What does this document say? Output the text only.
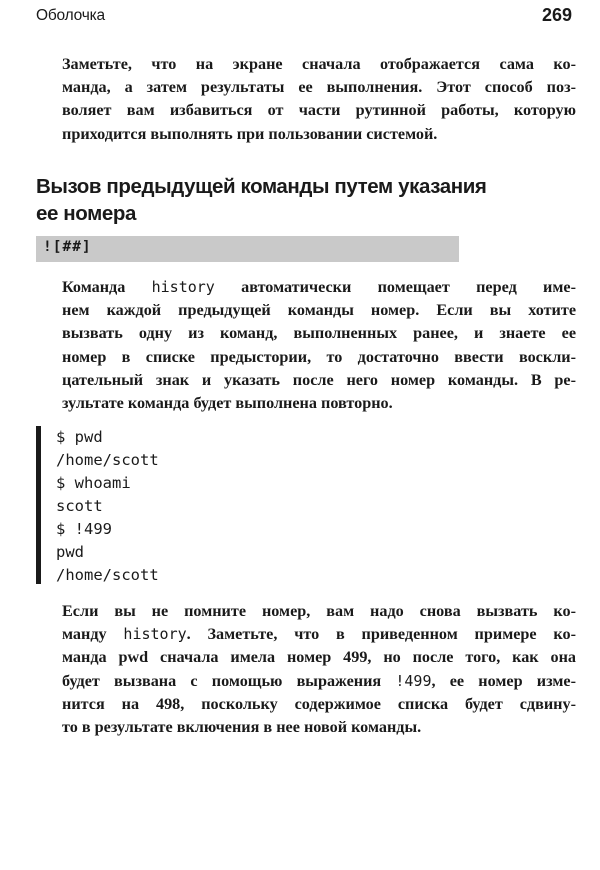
Оболочка	269

Заметьте, что на экране сначала отображается сама ко-
манда, а затем результаты ее выполнения. Этот способ поз-
воляет вам избавиться от части рутинной работы, которую
приходится выполнять при пользовании системой.

Вызов предыдущей команды путем указания
ее номера
![##]

Команда history автоматически помещает перед име-
нем каждой предыдущей команды номер. Если вы хотите
вызвать одну из команд, выполненных ранее, и знаете ее
номер в списке предыстории, то достаточно ввести воскли-
цательный знак и указать после него номер команды. В ре-
зультате команда будет выполнена повторно.

$ pwd
/home/scott
$ whoami
scott
$ !499
pwd
/home/scott

Если вы не помните номер, вам надо снова вызвать ко-
манду history. Заметьте, что в приведенном примере ко-
манда pwd сначала имела номер 499, но после того, как она
будет вызвана с помощью выражения !499, ее номер изме-
нится на 498, поскольку содержимое списка будет сдвину-
то в результате включения в нее новой команды.
